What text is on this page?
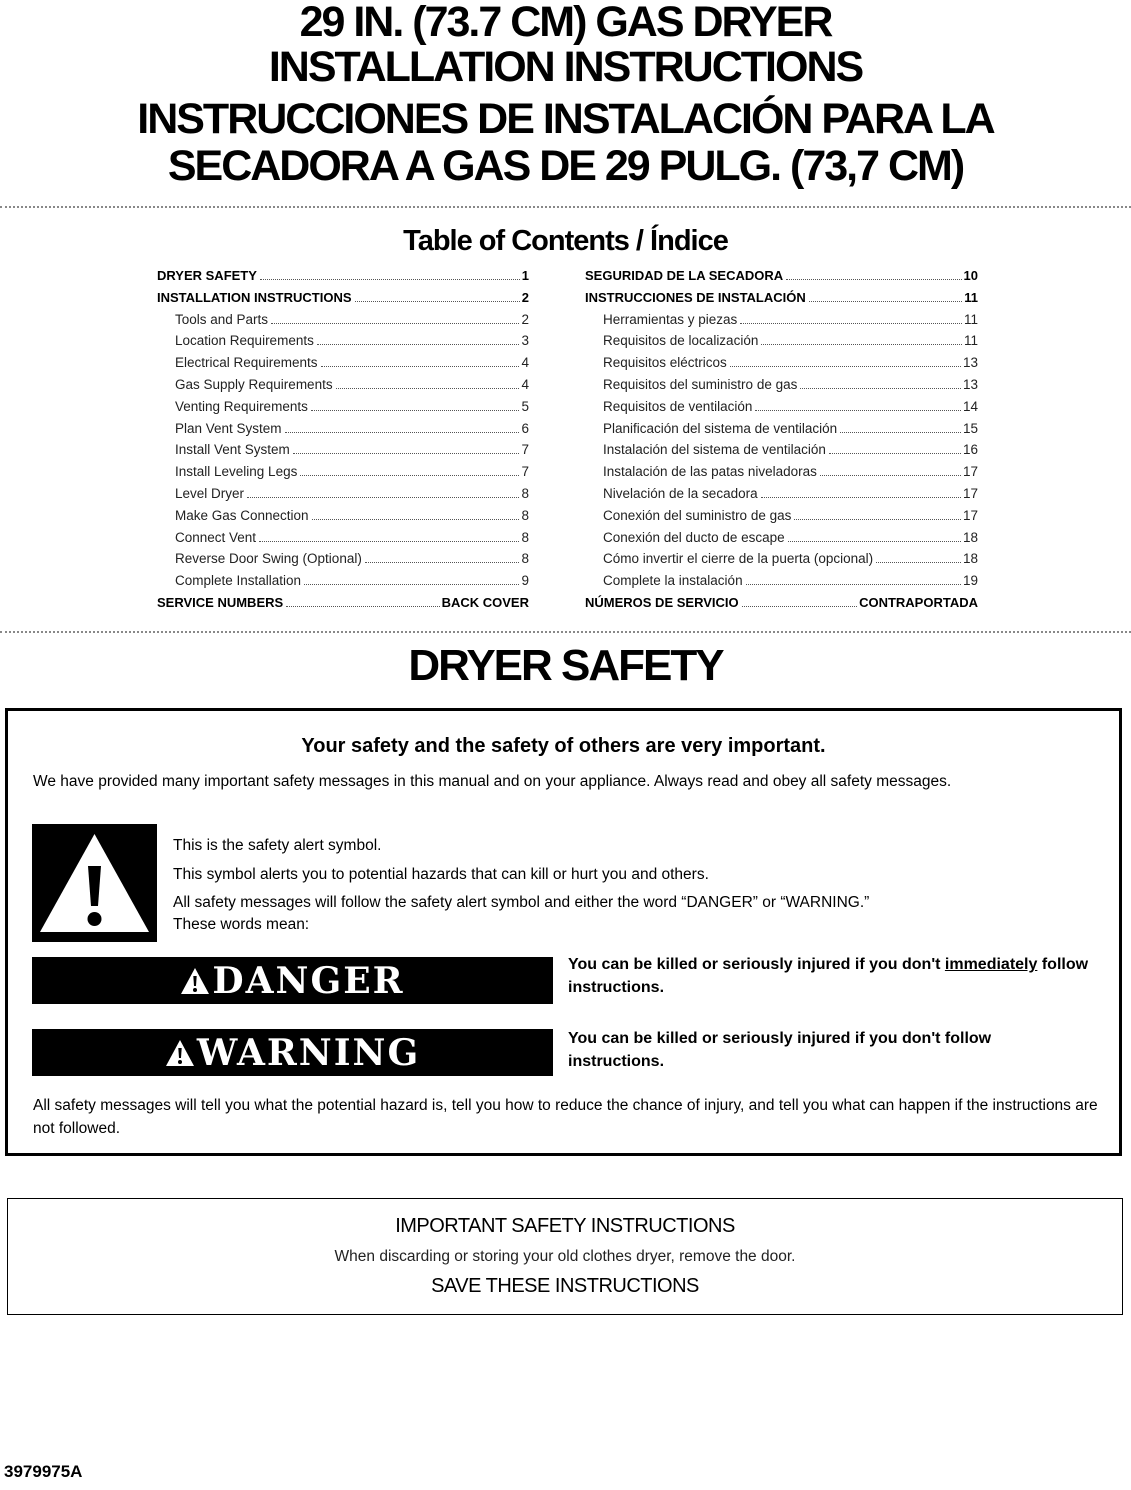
29 IN. (73.7 CM) GAS DRYER
INSTALLATION INSTRUCTIONS
INSTRUCCIONES DE INSTALACIÓN PARA LA
SECADORA A GAS DE 29 PULG. (73,7 CM)
Table of Contents / Índice
DRYER SAFETY	1
INSTALLATION INSTRUCTIONS	2
Tools and Parts	2
Location Requirements	3
Electrical Requirements	4
Gas Supply Requirements	4
Venting Requirements	5
Plan Vent System	6
Install Vent System	7
Install Leveling Legs	7
Level Dryer	8
Make Gas Connection	8
Connect Vent	8
Reverse Door Swing (Optional)	8
Complete Installation	9
SERVICE NUMBERS	BACK COVER
SEGURIDAD DE LA SECADORA	10
INSTRUCCIONES DE INSTALACIÓN	11
Herramientas y piezas	11
Requisitos de localización	11
Requisitos eléctricos	13
Requisitos del suministro de gas	13
Requisitos de ventilación	14
Planificación del sistema de ventilación	15
Instalación del sistema de ventilación	16
Instalación de las patas niveladoras	17
Nivelación de la secadora	17
Conexión del suministro de gas	17
Conexión del ducto de escape	18
Cómo invertir el cierre de la puerta (opcional)	18
Complete la instalación	19
NÚMEROS DE SERVICIO	CONTRAPORTADA
DRYER SAFETY
Your safety and the safety of others are very important.
We have provided many important safety messages in this manual and on your appliance. Always read and obey all safety messages.

This is the safety alert symbol.

This symbol alerts you to potential hazards that can kill or hurt you and others.

All safety messages will follow the safety alert symbol and either the word “DANGER” or “WARNING.”

These words mean:

DANGER	You can be killed or seriously injured if you don't immediately follow instructions.
WARNING	You can be killed or seriously injured if you don't follow instructions.
All safety messages will tell you what the potential hazard is, tell you how to reduce the chance of injury, and tell you what can happen if the instructions are not followed.
IMPORTANT SAFETY INSTRUCTIONS
When discarding or storing your old clothes dryer, remove the door.
SAVE THESE INSTRUCTIONS
3979975A
